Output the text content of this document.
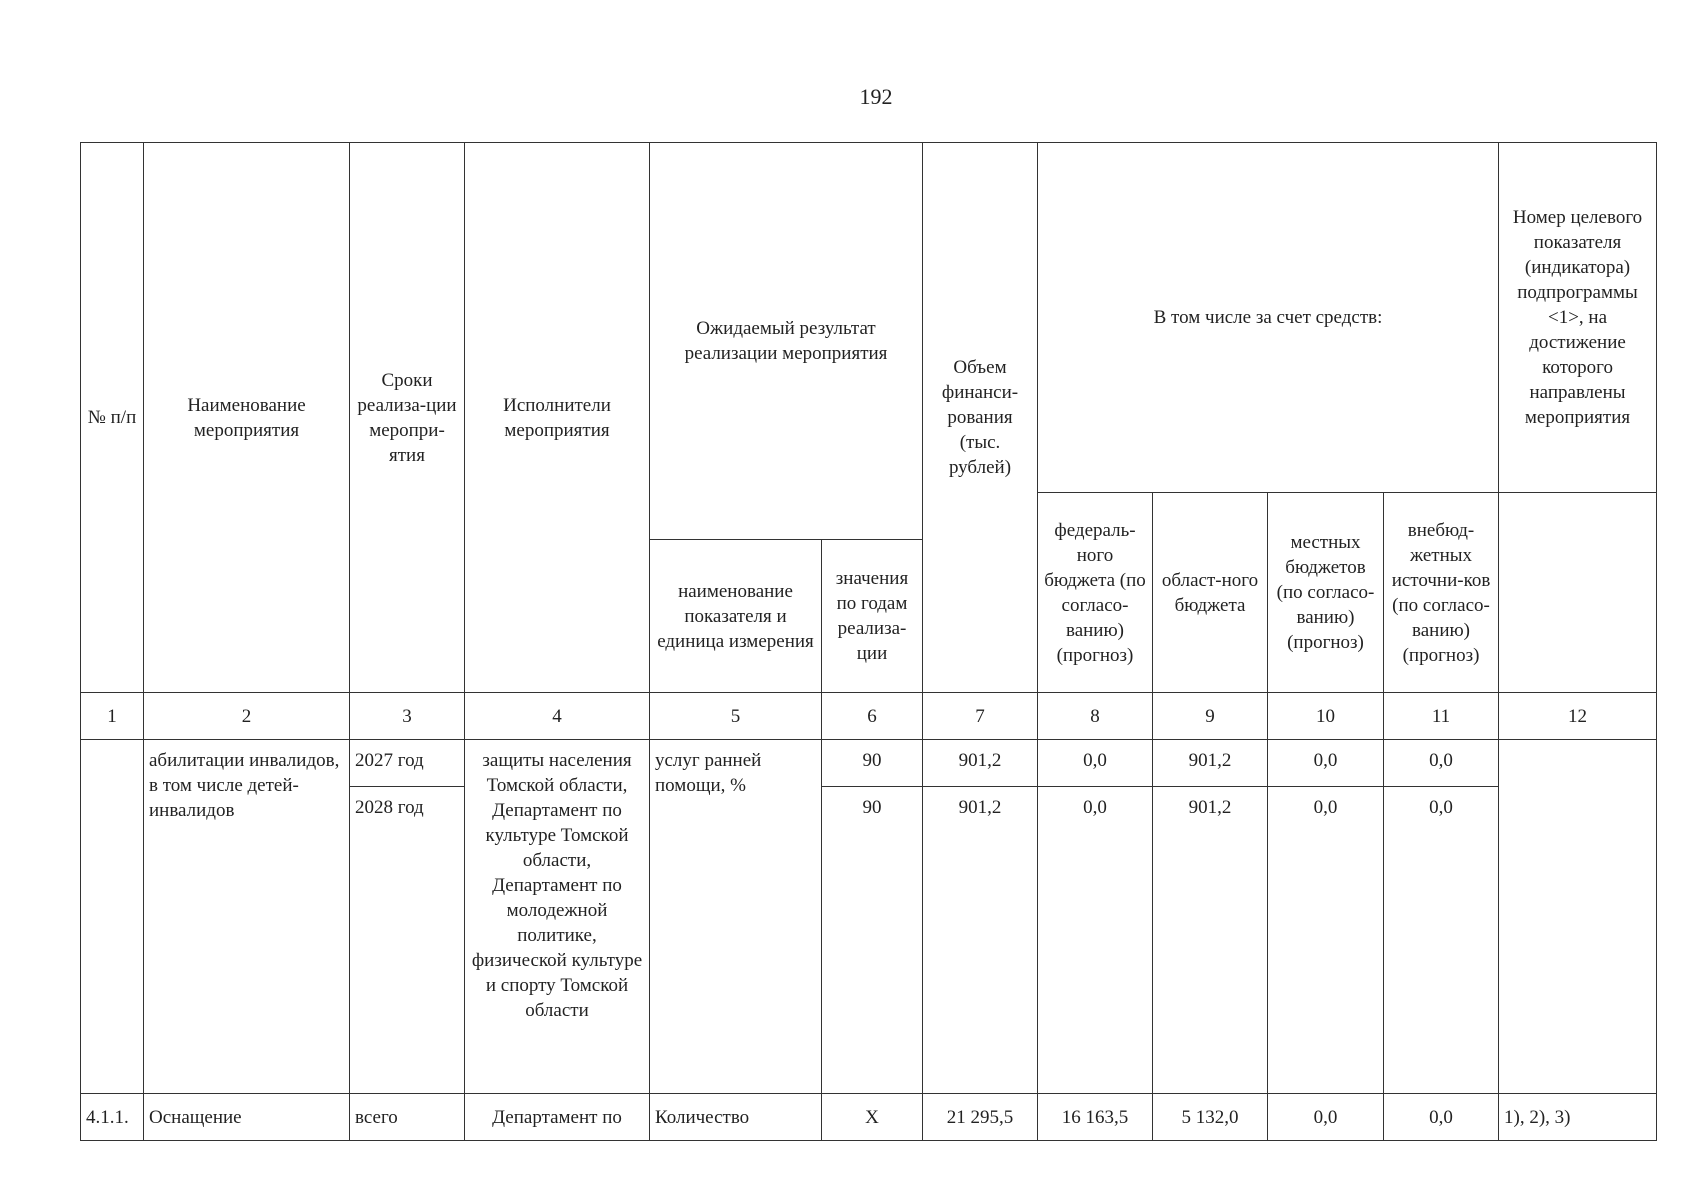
192
№ п/п	Наименование мероприятия	Сроки реализа-ции меропри-ятия	Исполнители мероприятия	Ожидаемый результат реализации мероприятия		Объем финанси-рования (тыс. рублей)	В том числе за счет средств:				Номер целевого показателя (индикатора) подпрограммы <1>, на достижение которого направлены мероприятия
							федераль-ного бюджета (по согласо-ванию) (прогноз)	област-ного бюджета	местных бюджетов (по согласо-ванию) (прогноз)	внебюд-жетных источни-ков (по согласо-ванию) (прогноз)	
				наименование показателя и единица измерения	значения по годам реализа-ции						
1	2	3	4	5	6	7	8	9	10	11	12
	абилитации инвалидов, в том числе детей-инвалидов	2027 год	защиты населения Томской области, Департамент по культуре Томской области, Департамент по молодежной политике, физической культуре и спорту Томской области	услуг ранней помощи, %	90	901,2	0,0	901,2	0,0	0,0	
		2028 год			90	901,2	0,0	901,2	0,0	0,0	
4.1.1.	Оснащение	всего	Департамент по	Количество	Х	21 295,5	16 163,5	5 132,0	0,0	0,0	1), 2), 3)
